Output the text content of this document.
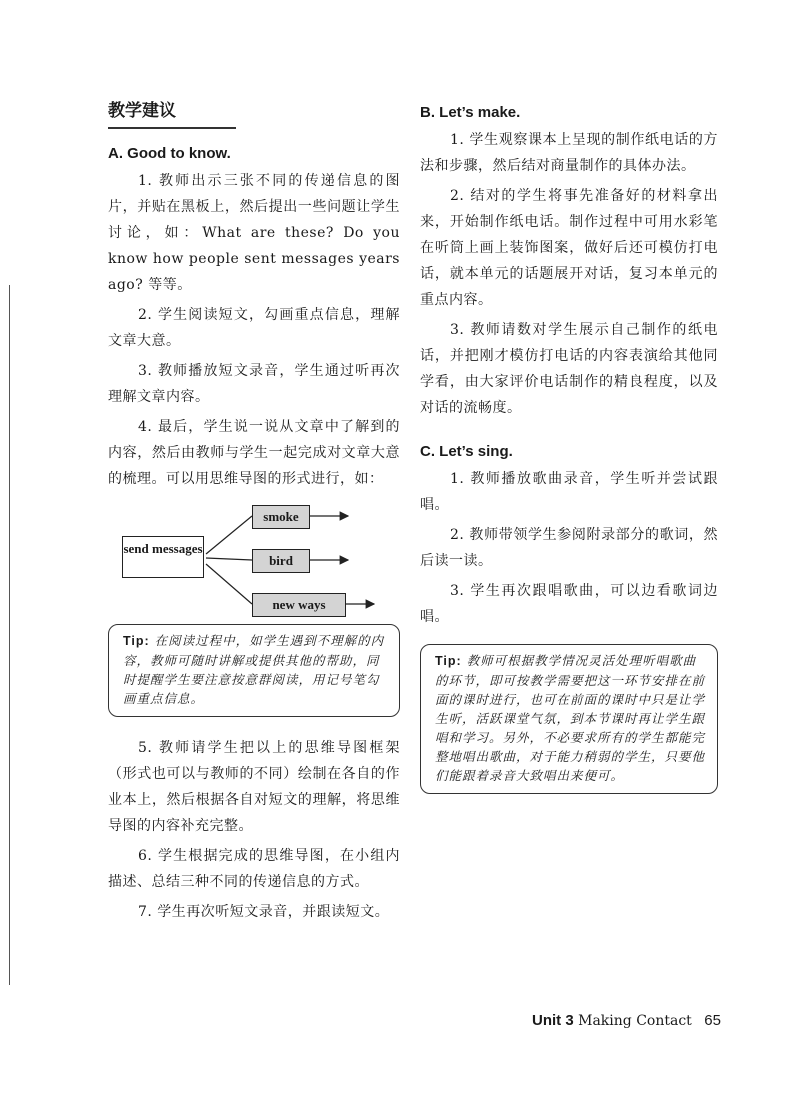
教学建议
A. Good to know.

1. 教师出示三张不同的传递信息的图片，并贴在黑板上，然后提出一些问题让学生讨论，如：What are these? Do you know how people sent messages years ago? 等等。

2. 学生阅读短文，勾画重点信息，理解文章大意。

3. 教师播放短文录音，学生通过听再次理解文章内容。

4. 最后，学生说一说从文章中了解到的内容，然后由教师与学生一起完成对文章大意的梳理。可以用思维导图的形式进行，如：

send messages
smoke
bird
new ways
Tip: 在阅读过程中，如学生遇到不理解的内容，教师可随时讲解或提供其他的帮助，同时提醒学生要注意按意群阅读，用记号笔勾画重点信息。

5. 教师请学生把以上的思维导图框架（形式也可以与教师的不同）绘制在各自的作业本上，然后根据各自对短文的理解，将思维导图的内容补充完整。

6. 学生根据完成的思维导图，在小组内描述、总结三种不同的传递信息的方式。

7. 学生再次听短文录音，并跟读短文。

B. Let’s make.

1. 学生观察课本上呈现的制作纸电话的方法和步骤，然后结对商量制作的具体办法。

2. 结对的学生将事先准备好的材料拿出来，开始制作纸电话。制作过程中可用水彩笔在听筒上画上装饰图案，做好后还可模仿打电话，就本单元的话题展开对话，复习本单元的重点内容。

3. 教师请数对学生展示自己制作的纸电话，并把刚才模仿打电话的内容表演给其他同学看，由大家评价电话制作的精良程度，以及对话的流畅度。

C. Let’s sing.

1. 教师播放歌曲录音，学生听并尝试跟唱。

2. 教师带领学生参阅附录部分的歌词，然后读一读。

3. 学生再次跟唱歌曲，可以边看歌词边唱。

Tip: 教师可根据教学情况灵活处理听唱歌曲的环节，即可按教学需要把这一环节安排在前面的课时进行，也可在前面的课时中只是让学生听，活跃课堂气氛，到本节课时再让学生跟唱和学习。另外，不必要求所有的学生都能完整地唱出歌曲，对于能力稍弱的学生，只要他们能跟着录音大致唱出来便可。
Unit 3 Making Contact 65
